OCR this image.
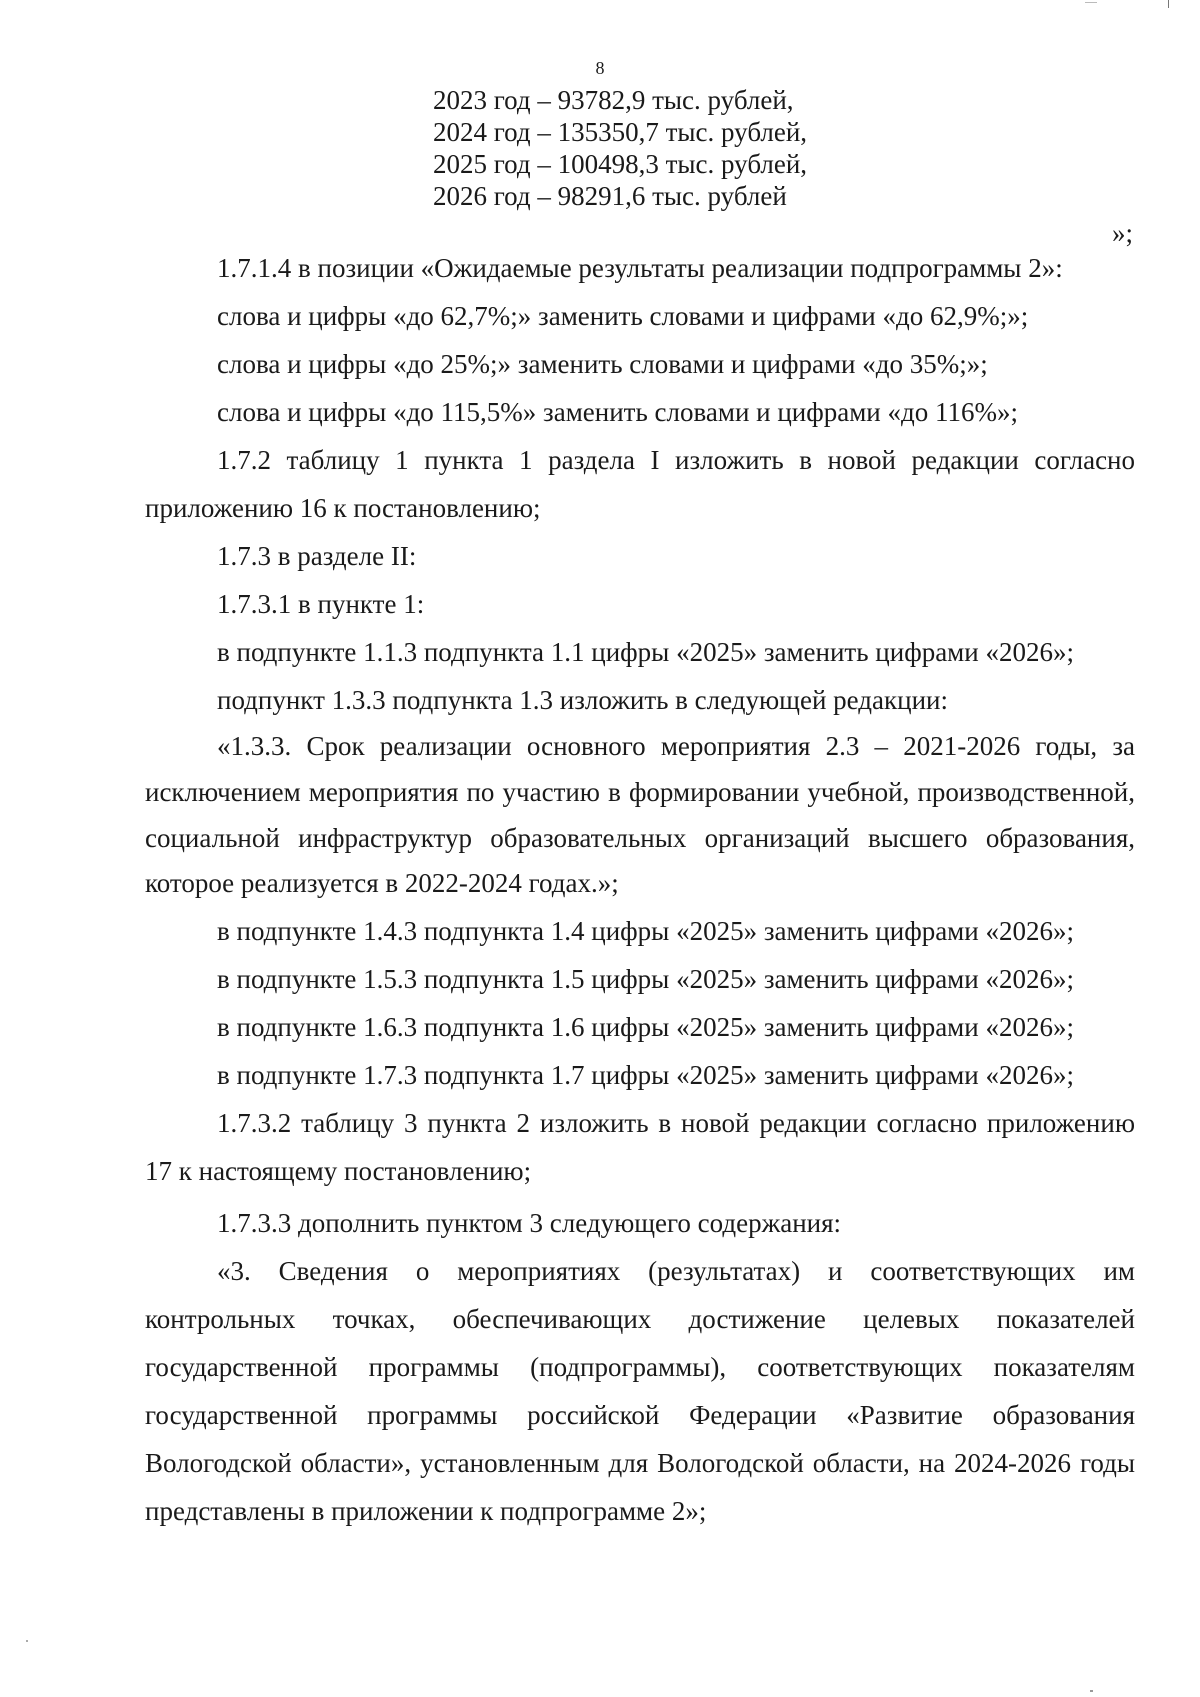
8
2023 год – 93782,9 тыс. рублей,
2024 год – 135350,7 тыс. рублей,
2025 год – 100498,3 тыс. рублей,
2026 год – 98291,6 тыс. рублей
»;

1.7.1.4 в позиции «Ожидаемые результаты реализации подпрограммы 2»:

слова и цифры «до 62,7%;» заменить словами и цифрами «до 62,9%;»;

слова и цифры «до 25%;» заменить словами и цифрами «до 35%;»;

слова и цифры «до 115,5%» заменить словами и цифрами «до 116%»;

1.7.2 таблицу 1 пункта 1 раздела I изложить в новой редакции согласно приложению 16 к постановлению;

1.7.3 в разделе II:

1.7.3.1 в пункте 1:

в подпункте 1.1.3 подпункта 1.1 цифры «2025» заменить цифрами «2026»;

подпункт 1.3.3 подпункта 1.3 изложить в следующей редакции:

«1.3.3. Срок реализации основного мероприятия 2.3 – 2021-2026 годы, за исключением мероприятия по участию в формировании учебной, производственной, социальной инфраструктур образовательных организаций высшего образования, которое реализуется в 2022-2024 годах.»;

в подпункте 1.4.3 подпункта 1.4 цифры «2025» заменить цифрами «2026»;

в подпункте 1.5.3 подпункта 1.5 цифры «2025» заменить цифрами «2026»;

в подпункте 1.6.3 подпункта 1.6 цифры «2025» заменить цифрами «2026»;

в подпункте 1.7.3 подпункта 1.7 цифры «2025» заменить цифрами «2026»;

1.7.3.2 таблицу 3 пункта 2 изложить в новой редакции согласно приложению 17 к настоящему постановлению;

1.7.3.3 дополнить пунктом 3 следующего содержания:

«3. Сведения о мероприятиях (результатах) и соответствующих им контрольных точках, обеспечивающих достижение целевых показателей государственной программы (подпрограммы), соответствующих показателям государственной программы российской Федерации «Развитие образования Вологодской области», установленным для Вологодской области, на 2024-2026 годы представлены в приложении к подпрограмме 2»;
